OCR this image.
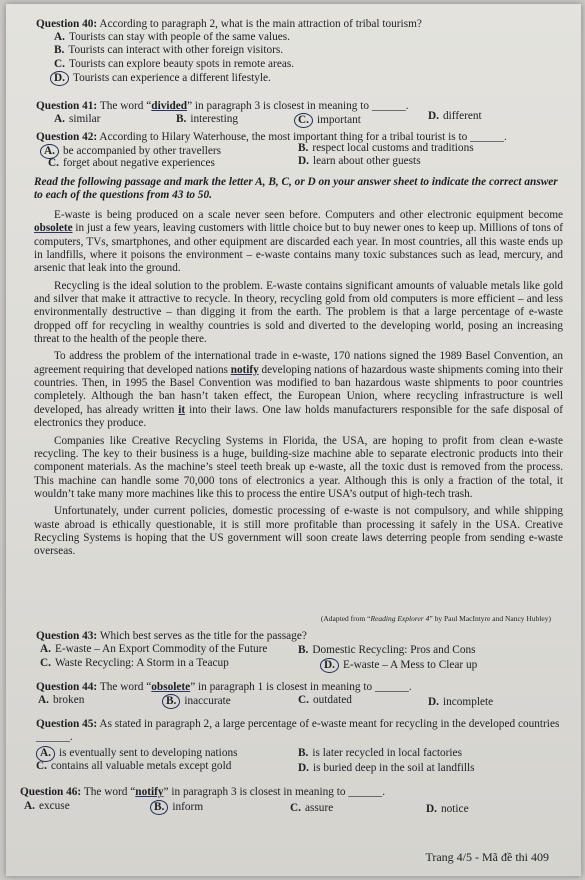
Question 40: According to paragraph 2, what is the main attraction of tribal tourism?
A. Tourists can stay with people of the same values.
B. Tourists can interact with other foreign visitors.
C. Tourists can explore beauty spots in remote areas.
D. Tourists can experience a different lifestyle.
Question 41: The word “divided” in paragraph 3 is closest in meaning to ______.
A. similar	B. interesting	C. important	D. different
Question 42: According to Hilary Waterhouse, the most important thing for a tribal tourist is to ______.
A. be accompanied by other travellers	B. respect local customs and traditions
C. forget about negative experiences	D. learn about other guests
Read the following passage and mark the letter A, B, C, or D on your answer sheet to indicate the correct answer to each of the questions from 43 to 50.

E-waste is being produced on a scale never seen before. Computers and other electronic equipment become obsolete in just a few years, leaving customers with little choice but to buy newer ones to keep up. Millions of tons of computers, TVs, smartphones, and other equipment are discarded each year. In most countries, all this waste ends up in landfills, where it poisons the environment – e-waste contains many toxic substances such as lead, mercury, and arsenic that leak into the ground.

Recycling is the ideal solution to the problem. E-waste contains significant amounts of valuable metals like gold and silver that make it attractive to recycle. In theory, recycling gold from old computers is more efficient – and less environmentally destructive – than digging it from the earth. The problem is that a large percentage of e-waste dropped off for recycling in wealthy countries is sold and diverted to the developing world, posing an increasing threat to the health of the people there.

To address the problem of the international trade in e-waste, 170 nations signed the 1989 Basel Convention, an agreement requiring that developed nations notify developing nations of hazardous waste shipments coming into their countries. Then, in 1995 the Basel Convention was modified to ban hazardous waste shipments to poor countries completely. Although the ban hasn’t taken effect, the European Union, where recycling infrastructure is well developed, has already written it into their laws. One law holds manufacturers responsible for the safe disposal of electronics they produce.

Companies like Creative Recycling Systems in Florida, the USA, are hoping to profit from clean e-waste recycling. The key to their business is a huge, building-size machine able to separate electronic products into their component materials. As the machine’s steel teeth break up e-waste, all the toxic dust is removed from the process. This machine can handle some 70,000 tons of electronics a year. Although this is only a fraction of the total, it wouldn’t take many more machines like this to process the entire USA’s output of high-tech trash.

Unfortunately, under current policies, domestic processing of e-waste is not compulsory, and while shipping waste abroad is ethically questionable, it is still more profitable than processing it safely in the USA. Creative Recycling Systems is hoping that the US government will soon create laws deterring people from sending e-waste overseas.

(Adapted from “Reading Explorer 4” by Paul MacIntyre and Nancy Hubley)
Question 43: Which best serves as the title for the passage?
A. E-waste – An Export Commodity of the Future	B. Domestic Recycling: Pros and Cons
C. Waste Recycling: A Storm in a Teacup	D. E-waste – A Mess to Clear up
Question 44: The word “obsolete” in paragraph 1 is closest in meaning to ______.
A. broken	B. inaccurate	C. outdated	D. incomplete
Question 45: As stated in paragraph 2, a large percentage of e-waste meant for recycling in the developed countries ______.
A. is eventually sent to developing nations	B. is later recycled in local factories
C. contains all valuable metals except gold	D. is buried deep in the soil at landfills
Question 46: The word “notify” in paragraph 3 is closest in meaning to ______.
A. excuse	B. inform	C. assure	D. notice
Trang 4/5 - Mã đề thi 409
